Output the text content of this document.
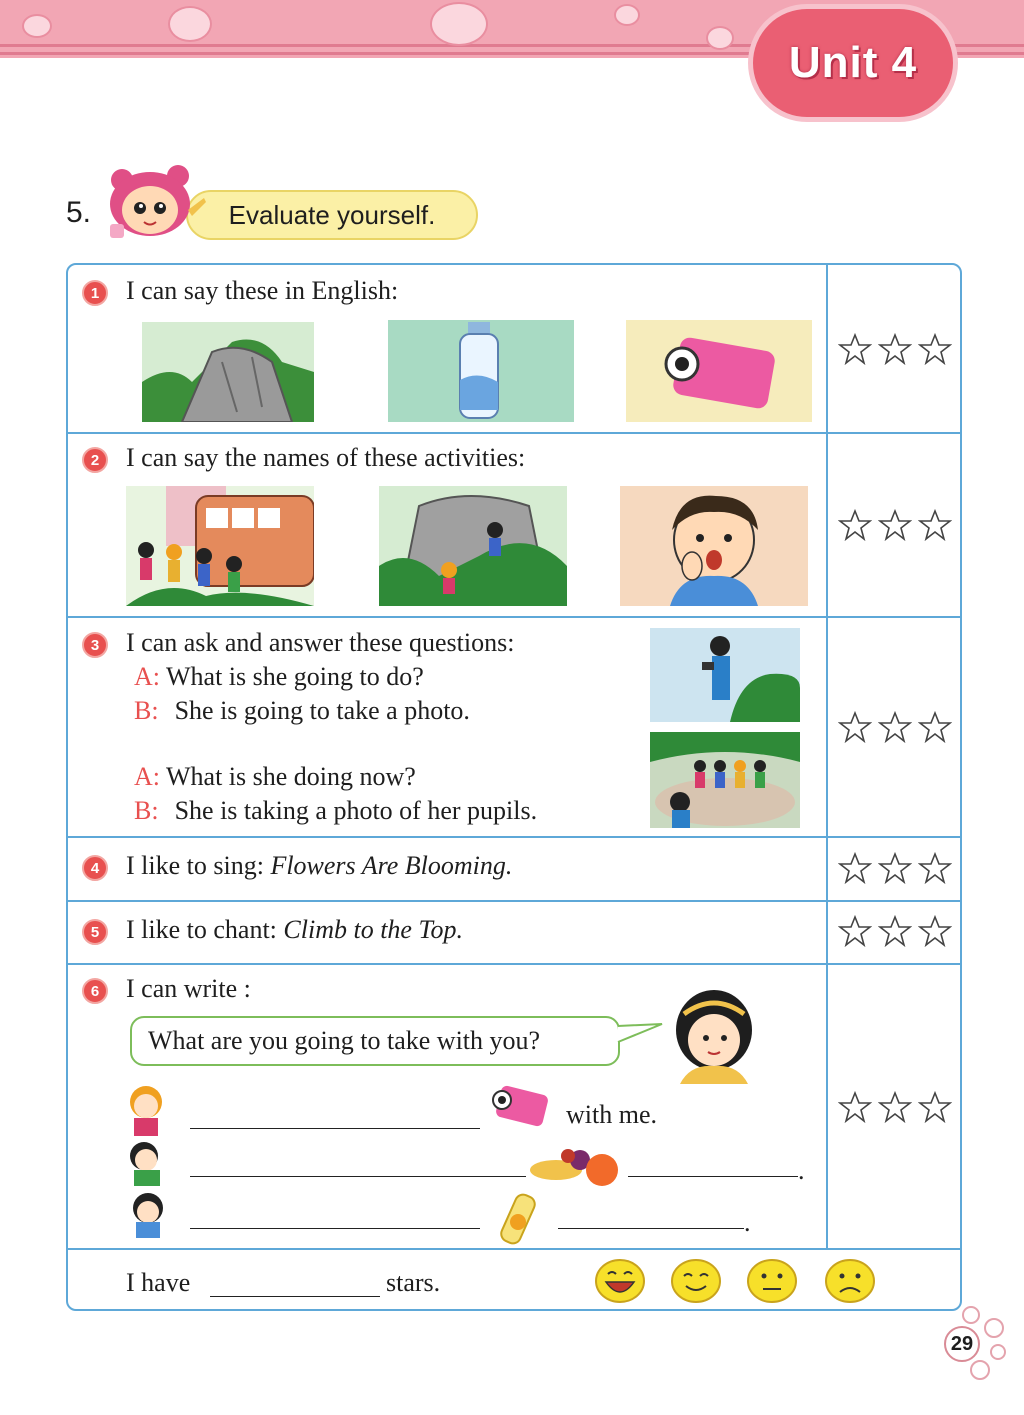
Unit 4
5.	Evaluate yourself.
1	I can say these in English:
2	I can say the names of these activities:
3	I can ask and answer these questions:
A: What is she going to do?
B: She is going to take a photo.
A: What is she doing now?
B: She is taking a photo of her pupils.
4	I like to sing: Flowers Are Blooming.
5	I like to chant: Climb to the Top.
6	I can write :
What are you going to take with you?
with me.
.
.
I have	stars.
29
